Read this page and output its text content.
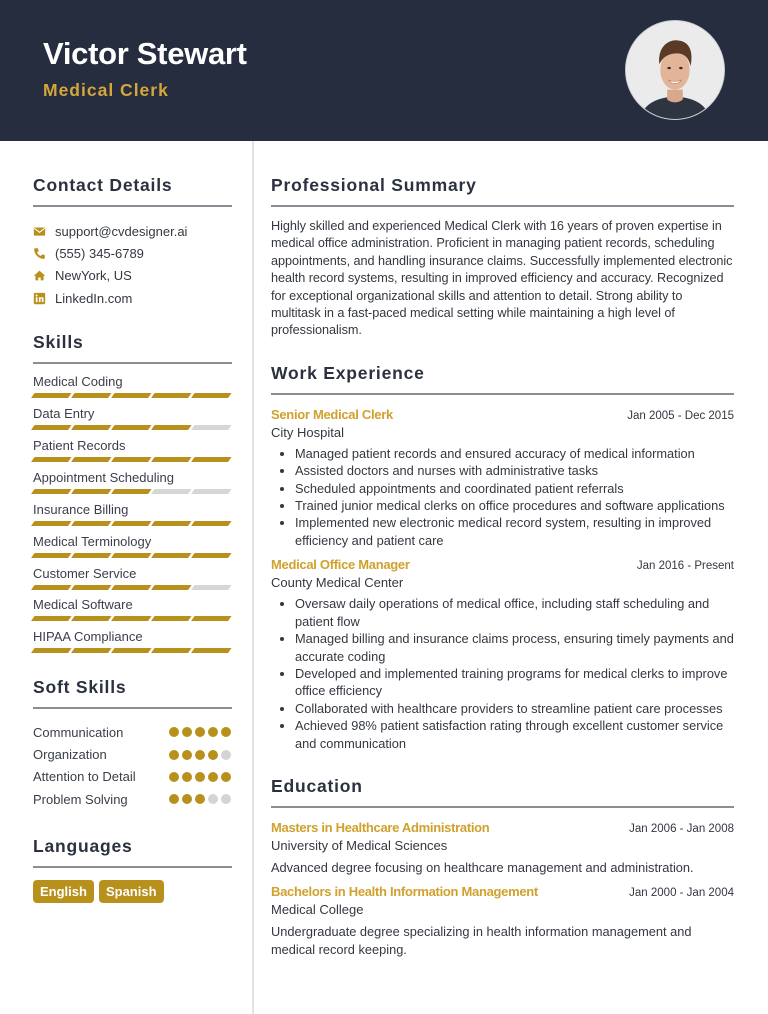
Victor Stewart
Medical Clerk
Contact Details
support@cvdesigner.ai
(555) 345-6789
NewYork, US
LinkedIn.com
Skills
Medical Coding
Data Entry
Patient Records
Appointment Scheduling
Insurance Billing
Medical Terminology
Customer Service
Medical Software
HIPAA Compliance
Soft Skills
Communication
Organization
Attention to Detail
Problem Solving
Languages
English	Spanish
Professional Summary

Highly skilled and experienced Medical Clerk with 16 years of proven expertise in medical office administration. Proficient in managing patient records, scheduling appointments, and handling insurance claims. Successfully implemented electronic health record systems, resulting in improved efficiency and accuracy. Recognized for exceptional organizational skills and attention to detail. Strong ability to multitask in a fast-paced medical setting while maintaining a high level of professionalism.

Work Experience
Senior Medical Clerk	Jan 2005 - Dec 2015
City Hospital
Managed patient records and ensured accuracy of medical information
Assisted doctors and nurses with administrative tasks
Scheduled appointments and coordinated patient referrals
Trained junior medical clerks on office procedures and software applications
Implemented new electronic medical record system, resulting in improved efficiency and patient care
Medical Office Manager	Jan 2016 - Present
County Medical Center
Oversaw daily operations of medical office, including staff scheduling and patient flow
Managed billing and insurance claims process, ensuring timely payments and accurate coding
Developed and implemented training programs for medical clerks to improve office efficiency
Collaborated with healthcare providers to streamline patient care processes
Achieved 98% patient satisfaction rating through excellent customer service and communication
Education
Masters in Healthcare Administration	Jan 2006 - Jan 2008
University of Medical Sciences
Advanced degree focusing on healthcare management and administration.
Bachelors in Health Information Management	Jan 2000 - Jan 2004
Medical College
Undergraduate degree specializing in health information management and medical record keeping.
